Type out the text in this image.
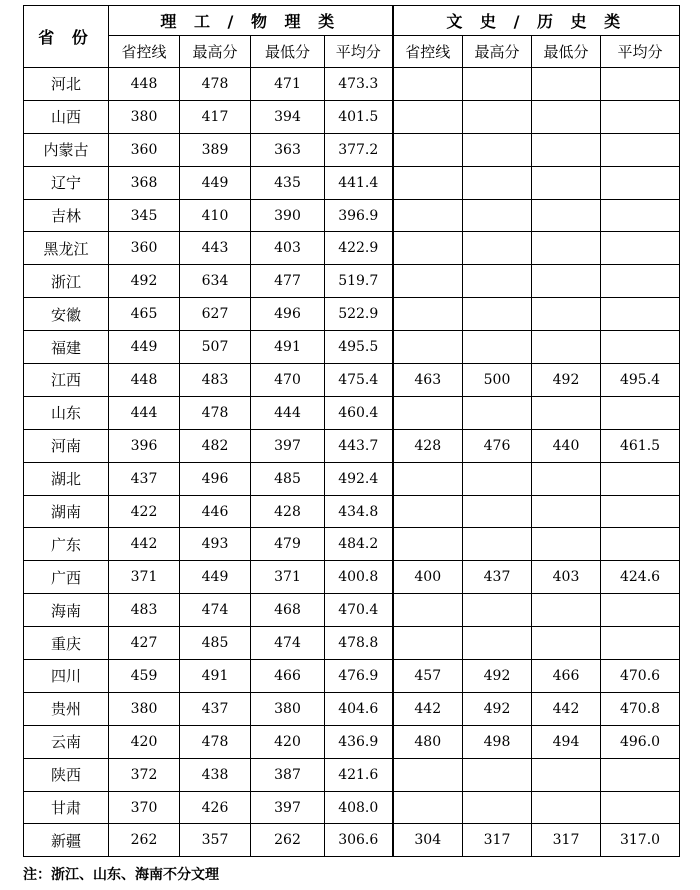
省 份	理 工 / 物 理 类				文 史 / 历 史 类			
	省控线	最高分	最低分	平均分	省控线	最高分	最低分	平均分
河北	448	478	471	473.3				
山西	380	417	394	401.5				
内蒙古	360	389	363	377.2				
辽宁	368	449	435	441.4				
吉林	345	410	390	396.9				
黑龙江	360	443	403	422.9				
浙江	492	634	477	519.7				
安徽	465	627	496	522.9				
福建	449	507	491	495.5				
江西	448	483	470	475.4	463	500	492	495.4
山东	444	478	444	460.4				
河南	396	482	397	443.7	428	476	440	461.5
湖北	437	496	485	492.4				
湖南	422	446	428	434.8				
广东	442	493	479	484.2				
广西	371	449	371	400.8	400	437	403	424.6
海南	483	474	468	470.4				
重庆	427	485	474	478.8				
四川	459	491	466	476.9	457	492	466	470.6
贵州	380	437	380	404.6	442	492	442	470.8
云南	420	478	420	436.9	480	498	494	496.0
陕西	372	438	387	421.6				
甘肃	370	426	397	408.0				
新疆	262	357	262	306.6	304	317	317	317.0
注：浙江、山东、海南不分文理
